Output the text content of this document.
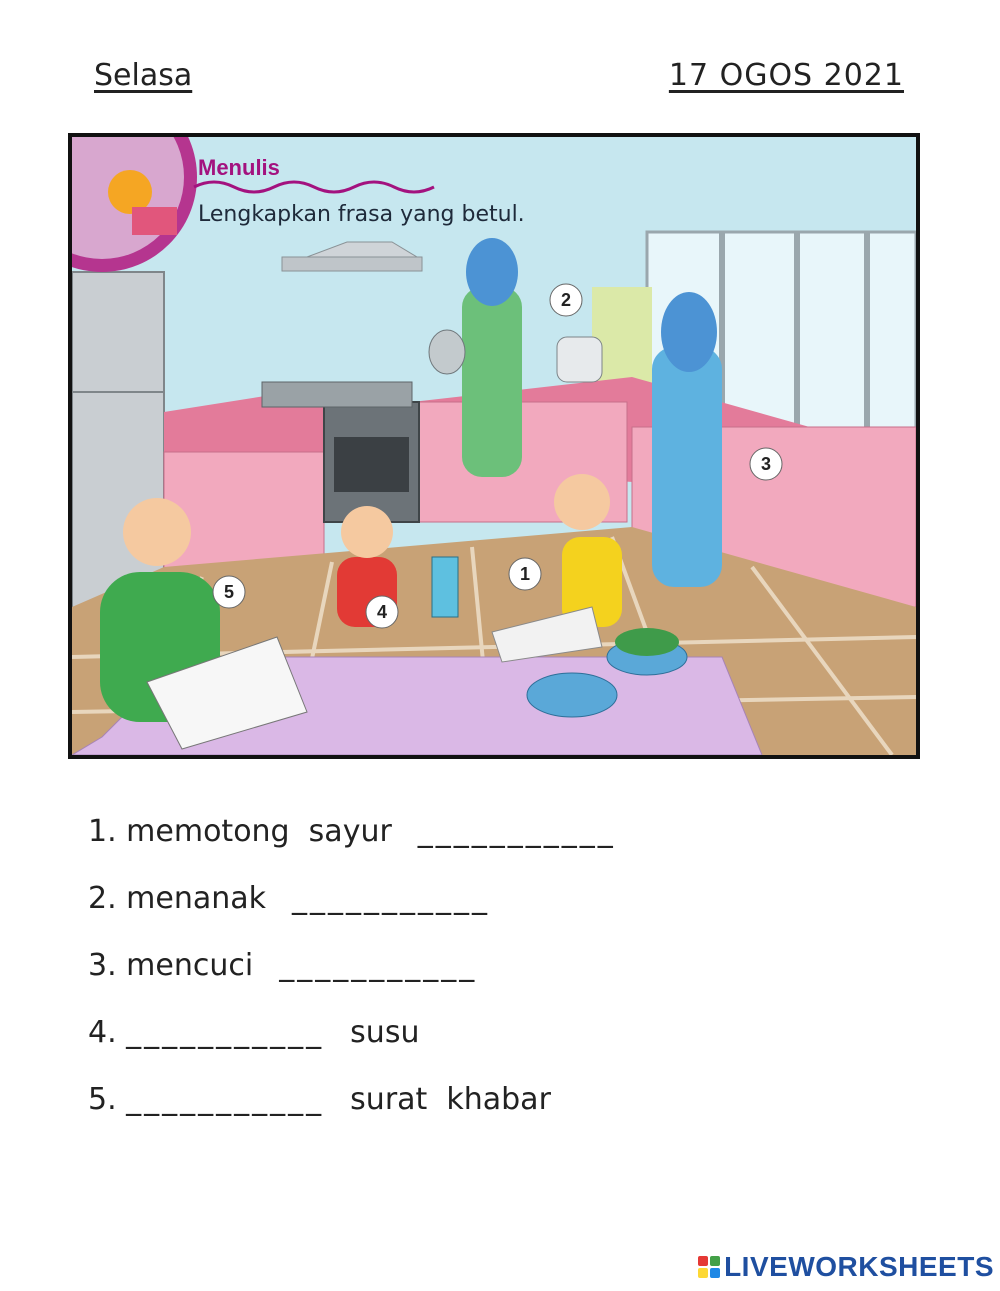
Selasa	17 OGOS 2021
Menulis
Lengkapkan frasa yang betul.
1
2
3
4
5
1. memotong  sayur ___________
2. menanak ___________
3. mencuci ___________
4. ___________ susu
5. ___________ surat  khabar
LIVEWORKSHEETS
